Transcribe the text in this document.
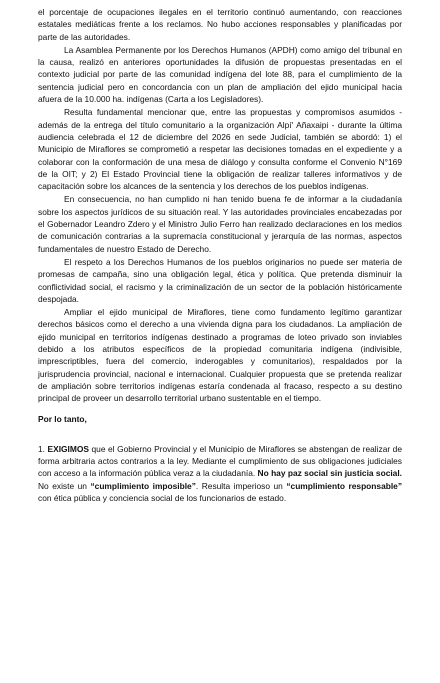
el porcentaje de ocupaciones ilegales en el territorio continuó aumentando, con reacciones estatales mediáticas frente a los reclamos. No hubo acciones responsables y planificadas por parte de las autoridades.

La Asamblea Permanente por los Derechos Humanos (APDH) como amigo del tribunal en la causa, realizó en anteriores oportunidades la difusión de propuestas presentadas en el contexto judicial por parte de las comunidad indígena del lote 88, para el cumplimiento de la sentencia judicial pero en concordancia con un plan de ampliación del ejido municipal hacia afuera de la 10.000 ha. indígenas (Carta a los Legisladores).

Resulta fundamental mencionar que, entre las propuestas y compromisos asumidos - además de la entrega del título comunitario a la organización Alpí' Añaxaipi - durante la última audiencia celebrada el 12 de diciembre del 2026 en sede Judicial, también se abordó: 1) el Municipio de Miraflores se comprometió a respetar las decisiones tomadas en el expediente y a colaborar con la conformación de una mesa de diálogo y consulta conforme el Convenio N°169 de la OIT; y 2) El Estado Provincial tiene la obligación de realizar talleres informativos y de capacitación sobre los alcances de la sentencia y los derechos de los pueblos indígenas.

En consecuencia, no han cumplido ni han tenido buena fe de informar a la ciudadanía sobre los aspectos jurídicos de su situación real. Y las autoridades provinciales encabezadas por el Gobernador Leandro Zdero y el Ministro Julio Ferro han realizado declaraciones en los medios de comunicación contrarias a la supremacía constitucional y jerarquía de las normas, aspectos fundamentales de nuestro Estado de Derecho.

El respeto a los Derechos Humanos de los pueblos originarios no puede ser materia de promesas de campaña, sino una obligación legal, ética y política. Que pretenda disminuir la conflictividad social, el racismo y la criminalización de un sector de la población históricamente despojada.

Ampliar el ejido municipal de Miraflores, tiene como fundamento legítimo garantizar derechos básicos como el derecho a una vivienda digna para los ciudadanos. La ampliación de ejido municipal en territorios indígenas destinado a programas de loteo privado son inviables debido a los atributos específicos de la propiedad comunitaria indígena (indivisible, imprescriptibles, fuera del comercio, inderogables y comunitarios), respaldados por la jurisprudencia provincial, nacional e internacional. Cualquier propuesta que se pretenda realizar de ampliación sobre territorios indígenas estaría condenada al fracaso, respecto a su destino principal de proveer un desarrollo territorial urbano sustentable en el tiempo.

Por lo tanto,

1. EXIGIMOS que el Gobierno Provincial y el Municipio de Miraflores se abstengan de realizar de forma arbitraria actos contrarios a la ley. Mediante el cumplimiento de sus obligaciones judiciales con acceso a la información pública veraz a la ciudadanía. No hay paz social sin justicia social. No existe un “cumplimiento imposible”. Resulta imperioso un “cumplimiento responsable” con ética pública y conciencia social de los funcionarios de estado.
